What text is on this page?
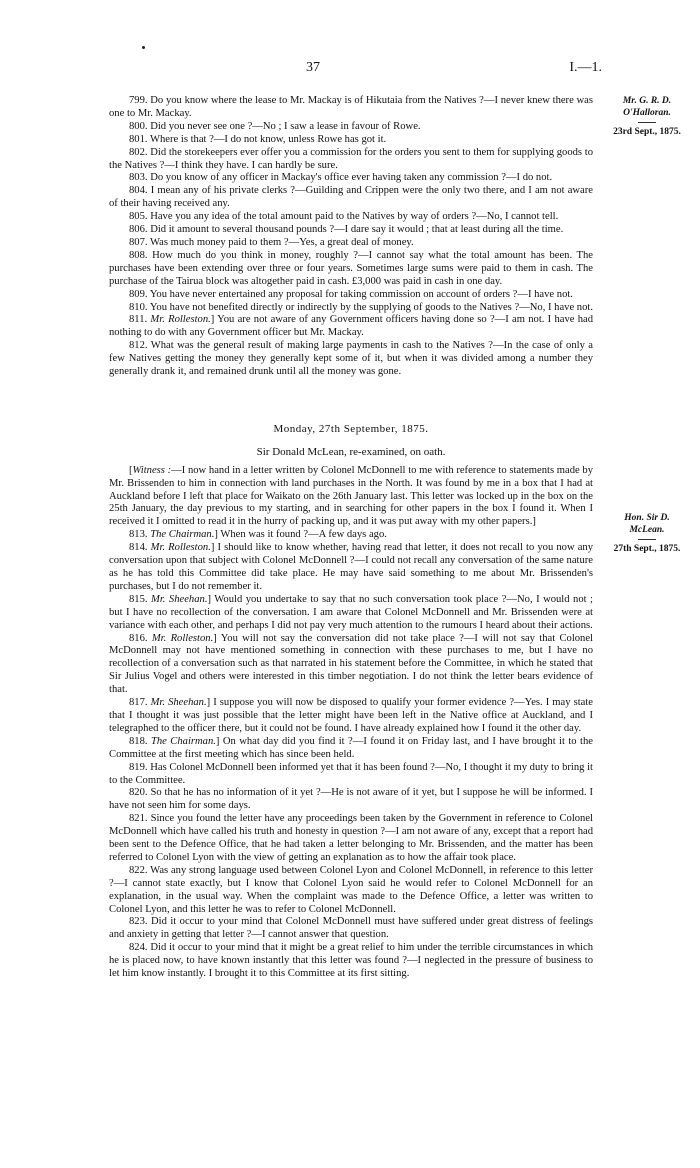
37	I.—1.
Mr. G. R. D.
O'Halloran.
23rd Sept., 1875.
Hon. Sir D.
McLean.
27th Sept., 1875.

799. Do you know where the lease to Mr. Mackay is of Hikutaia from the Natives ?—I never knew there was one to Mr. Mackay.

800. Did you never see one ?—No ; I saw a lease in favour of Rowe.

801. Where is that ?—I do not know, unless Rowe has got it.

802. Did the storekeepers ever offer you a commission for the orders you sent to them for supplying goods to the Natives ?—I think they have. I can hardly be sure.

803. Do you know of any officer in Mackay's office ever having taken any commission ?—I do not.

804. I mean any of his private clerks ?—Guilding and Crippen were the only two there, and I am not aware of their having received any.

805. Have you any idea of the total amount paid to the Natives by way of orders ?—No, I cannot tell.

806. Did it amount to several thousand pounds ?—I dare say it would ; that at least during all the time.

807. Was much money paid to them ?—Yes, a great deal of money.

808. How much do you think in money, roughly ?—I cannot say what the total amount has been. The purchases have been extending over three or four years. Sometimes large sums were paid to them in cash. The purchase of the Tairua block was altogether paid in cash. £3,000 was paid in cash in one day.

809. You have never entertained any proposal for taking commission on account of orders ?—I have not.

810. You have not benefited directly or indirectly by the supplying of goods to the Natives ?—No, I have not.

811. Mr. Rolleston.] You are not aware of any Government officers having done so ?—I am not. I have had nothing to do with any Government officer but Mr. Mackay.

812. What was the general result of making large payments in cash to the Natives ?—In the case of only a few Natives getting the money they generally kept some of it, but when it was divided among a number they generally drank it, and remained drunk until all the money was gone.

Monday, 27th September, 1875.

Sir Donald McLean, re-examined, on oath.

[Witness :—I now hand in a letter written by Colonel McDonnell to me with reference to statements made by Mr. Brissenden to him in connection with land purchases in the North. It was found by me in a box that I had at Auckland before I left that place for Waikato on the 26th January last. This letter was locked up in the box on the 25th January, the day previous to my starting, and in searching for other papers in the box I found it. When I received it I omitted to read it in the hurry of packing up, and it was put away with my other papers.]

813. The Chairman.] When was it found ?—A few days ago.

814. Mr. Rolleston.] I should like to know whether, having read that letter, it does not recall to you now any conversation upon that subject with Colonel McDonnell ?—I could not recall any conversation of the same nature as he has told this Committee did take place. He may have said something to me about Mr. Brissenden's purchases, but I do not remember it.

815. Mr. Sheehan.] Would you undertake to say that no such conversation took place ?—No, I would not ; but I have no recollection of the conversation. I am aware that Colonel McDonnell and Mr. Brissenden were at variance with each other, and perhaps I did not pay very much attention to the rumours I heard about their actions.

816. Mr. Rolleston.] You will not say the conversation did not take place ?—I will not say that Colonel McDonnell may not have mentioned something in connection with these purchases to me, but I have no recollection of a conversation such as that narrated in his statement before the Committee, in which he stated that Sir Julius Vogel and others were interested in this timber negotiation. I do not think the letter bears evidence of that.

817. Mr. Sheehan.] I suppose you will now be disposed to qualify your former evidence ?—Yes. I may state that I thought it was just possible that the letter might have been left in the Native office at Auckland, and I telegraphed to the officer there, but it could not be found. I have already explained how I found it the other day.

818. The Chairman.] On what day did you find it ?—I found it on Friday last, and I have brought it to the Committee at the first meeting which has since been held.

819. Has Colonel McDonnell been informed yet that it has been found ?—No, I thought it my duty to bring it to the Committee.

820. So that he has no information of it yet ?—He is not aware of it yet, but I suppose he will be informed. I have not seen him for some days.

821. Since you found the letter have any proceedings been taken by the Government in reference to Colonel McDonnell which have called his truth and honesty in question ?—I am not aware of any, except that a report had been sent to the Defence Office, that he had taken a letter belonging to Mr. Brissenden, and the matter has been referred to Colonel Lyon with the view of getting an explanation as to how the affair took place.

822. Was any strong language used between Colonel Lyon and Colonel McDonnell, in reference to this letter ?—I cannot state exactly, but I know that Colonel Lyon said he would refer to Colonel McDonnell for an explanation, in the usual way. When the complaint was made to the Defence Office, a letter was written to Colonel Lyon, and this letter he was to refer to Colonel McDonnell.

823. Did it occur to your mind that Colonel McDonnell must have suffered under great distress of feelings and anxiety in getting that letter ?—I cannot answer that question.

824. Did it occur to your mind that it might be a great relief to him under the terrible circumstances in which he is placed now, to have known instantly that this letter was found ?—I neglected in the pressure of business to let him know instantly. I brought it to this Committee at its first sitting.
